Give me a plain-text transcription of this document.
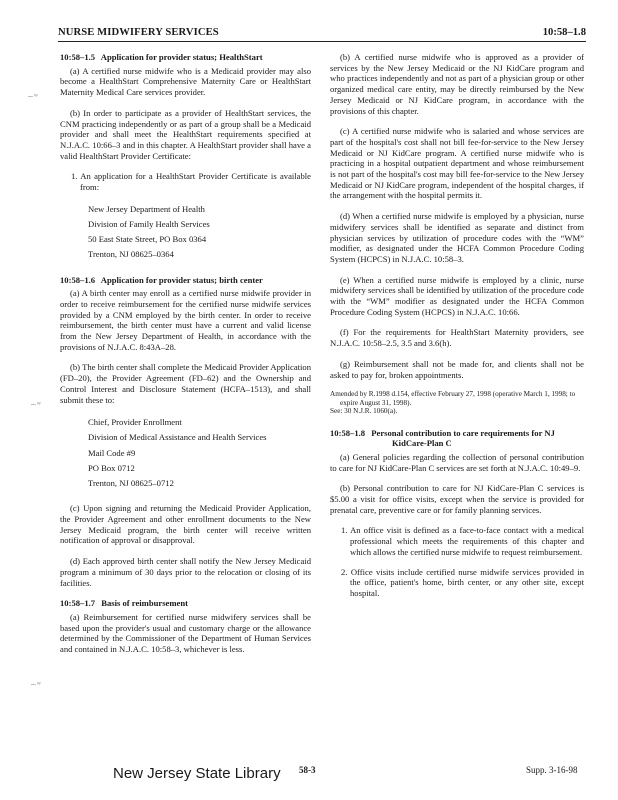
NURSE MIDWIFERY SERVICES	10:58–1.8
~ʷ
~ʷ
~ʷ
10:58–1.5 Application for provider status; HealthStart

(a) A certified nurse midwife who is a Medicaid provider may also become a HealthStart Comprehensive Maternity Care or HealthStart Maternity Medical Care services provider.

(b) In order to participate as a provider of HealthStart services, the CNM practicing independently or as part of a group shall be a Medicaid provider and shall meet the HealthStart requirements specified at N.J.A.C. 10:66–3 and in this chapter. A HealthStart provider shall have a valid HealthStart Provider Certificate:

1. An application for a HealthStart Provider Certificate is available from:

New Jersey Department of Health
Division of Family Health Services
50 East State Street, PO Box 0364
Trenton, NJ 08625–0364
10:58–1.6 Application for provider status; birth center

(a) A birth center may enroll as a certified nurse midwife provider in order to receive reimbursement for the certified nurse midwife services provided by a CNM employed by the birth center. In order to receive reimbursement, the birth center must have a current and valid license from the New Jersey Department of Health, in accordance with the provisions of N.J.A.C. 8:43A–28.

(b) The birth center shall complete the Medicaid Provider Application (FD–20), the Provider Agreement (FD–62) and the Ownership and Control Interest and Disclosure Statement (HCFA–1513), and shall submit these to:

Chief, Provider Enrollment
Division of Medical Assistance and Health Services
Mail Code #9
PO Box 0712
Trenton, NJ 08625–0712

(c) Upon signing and returning the Medicaid Provider Application, the Provider Agreement and other enrollment documents to the New Jersey Medicaid program, the birth center will receive written notification of approval or disapproval.

(d) Each approved birth center shall notify the New Jersey Medicaid program a minimum of 30 days prior to the relocation or closing of its facilities.

10:58–1.7 Basis of reimbursement

(a) Reimbursement for certified nurse midwifery services shall be based upon the provider's usual and customary charge or the allowance determined by the Commissioner of the Department of Human Services and contained in N.J.A.C. 10:58–3, whichever is less.

(b) A certified nurse midwife who is approved as a provider of services by the New Jersey Medicaid or the NJ KidCare program and who practices independently and not as part of a physician group or other organized medical care entity, may be directly reimbursed by the New Jersey Medicaid or NJ KidCare program, in accordance with the provisions of this chapter.

(c) A certified nurse midwife who is salaried and whose services are part of the hospital's cost shall not bill fee-for-service to the New Jersey Medicaid or NJ KidCare program. A certified nurse midwife who is practicing in a hospital outpatient department and whose reimbursement is not part of the hospital's cost may bill fee-for-service to the New Jersey Medicaid or NJ KidCare program, independent of the hospital charges, if the arrangement with the hospital permits it.

(d) When a certified nurse midwife is employed by a physician, nurse midwifery services shall be identified as separate and distinct from physician services by utilization of procedure codes with the “WM” modifier, as designated under the HCFA Common Procedure Coding System (HCPCS) in N.J.A.C. 10:58–3.

(e) When a certified nurse midwife is employed by a clinic, nurse midwifery services shall be identified by utilization of the procedure code with the “WM” modifier as designated under the HCFA Common Procedure Coding System (HCPCS) in N.J.A.C. 10:66.

(f) For the requirements for HealthStart Maternity providers, see N.J.A.C. 10:58–2.5, 3.5 and 3.6(h).

(g) Reimbursement shall not be made for, and clients shall not be asked to pay for, broken appointments.

Amended by R.1998 d.154, effective February 27, 1998 (operative March 1, 1998; to expire August 31, 1998).
See: 30 N.J.R. 1060(a).
10:58–1.8 Personal contribution to care requirements for NJ KidCare-Plan C

(a) General policies regarding the collection of personal contribution to care for NJ KidCare-Plan C services are set forth at N.J.A.C. 10:49–9.

(b) Personal contribution to care for NJ KidCare-Plan C services is $5.00 a visit for office visits, except when the service is provided for prenatal care, preventive care or for family planning services.

1. An office visit is defined as a face-to-face contact with a medical professional which meets the requirements of this chapter and which allows the certified nurse midwife to request reimbursement.

2. Office visits include certified nurse midwife services provided in the office, patient's home, birth center, or any other site, except hospital.

New Jersey State Library 58-3	Supp. 3-16-98
